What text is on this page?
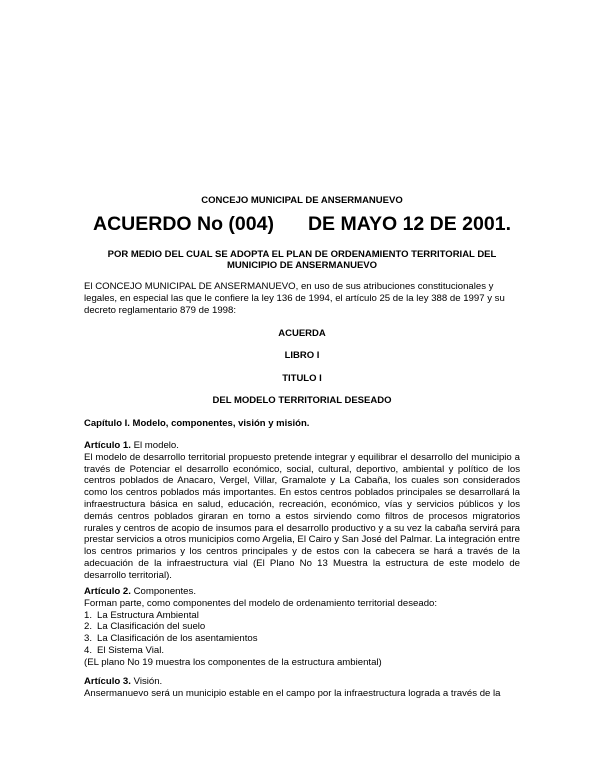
CONCEJO MUNICIPAL DE ANSERMANUEVO
ACUERDO No (004) DE MAYO 12 DE 2001.
POR MEDIO DEL CUAL SE ADOPTA EL PLAN DE ORDENAMIENTO TERRITORIAL DEL MUNICIPIO DE ANSERMANUEVO
El CONCEJO MUNICIPAL DE ANSERMANUEVO, en uso de sus atribuciones constitucionales y legales, en especial las que le confiere la ley 136 de 1994, el artículo 25 de la ley 388 de 1997 y su decreto reglamentario 879 de 1998:
ACUERDA
LIBRO I
TITULO I
DEL MODELO TERRITORIAL DESEADO
Capítulo I. Modelo, componentes, visión y misión.
Artículo 1. El modelo.
El modelo de desarrollo territorial propuesto pretende integrar y equilibrar el desarrollo del municipio a través de Potenciar el desarrollo económico, social, cultural, deportivo, ambiental y político de los centros poblados de Anacaro, Vergel, Villar, Gramalote y La Cabaña, los cuales son considerados como los centros poblados más importantes. En estos centros poblados principales se desarrollará la infraestructura básica en salud, educación, recreación, económico, vías y servicios públicos y los demás centros poblados giraran en torno a estos sirviendo como filtros de procesos migratorios rurales y centros de acopio de insumos para el desarrollo productivo y a su vez la cabaña servirá para prestar servicios a otros municipios como Argelia, El Cairo y San José del Palmar. La integración entre los centros primarios y los centros principales y de estos con la cabecera se hará a través de la adecuación de la infraestructura vial (El Plano No 13 Muestra la estructura de este modelo de desarrollo territorial).
Artículo 2. Componentes.
Forman parte, como componentes del modelo de ordenamiento territorial deseado:
1. La Estructura Ambiental
2. La Clasificación del suelo
3. La Clasificación de los asentamientos
4. El Sistema Vial.
(EL plano No 19 muestra los componentes de la estructura ambiental)
Artículo 3. Visión.
Ansermanuevo será un municipio estable en el campo por la infraestructura lograda a través de la
